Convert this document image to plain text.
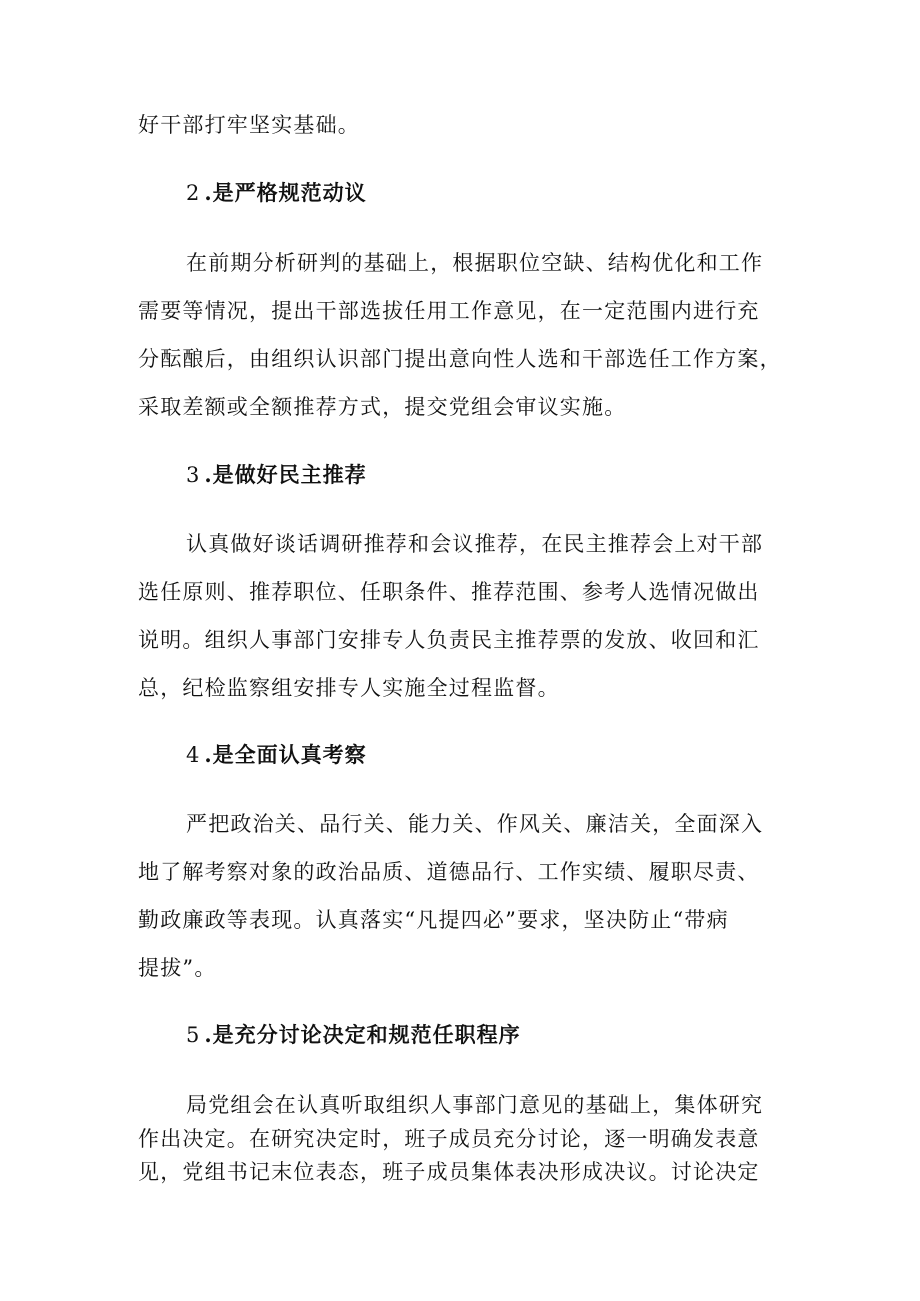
好干部打牢坚实基础。
2 .是严格规范动议
在前期分析研判的基础上，根据职位空缺、结构优化和工作
需要等情况，提出干部选拔任用工作意见，在一定范围内进行充
分酝酿后，由组织认识部门提出意向性人选和干部选任工作方案，
采取差额或全额推荐方式，提交党组会审议实施。
3 .是做好民主推荐
认真做好谈话调研推荐和会议推荐，在民主推荐会上对干部
选任原则、推荐职位、任职条件、推荐范围、参考人选情况做出
说明。组织人事部门安排专人负责民主推荐票的发放、收回和汇
总，纪检监察组安排专人实施全过程监督。
4 .是全面认真考察
严把政治关、品行关、能力关、作风关、廉洁关，全面深入
地了解考察对象的政治品质、道德品行、工作实绩、履职尽责、
勤政廉政等表现。认真落实“凡提四必”要求，坚决防止“带病
提拔”。
5 .是充分讨论决定和规范任职程序
局党组会在认真听取组织人事部门意见的基础上，集体研究
作出决定。在研究决定时，班子成员充分讨论，逐一明确发表意
见，党组书记末位表态，班子成员集体表决形成决议。讨论决定
